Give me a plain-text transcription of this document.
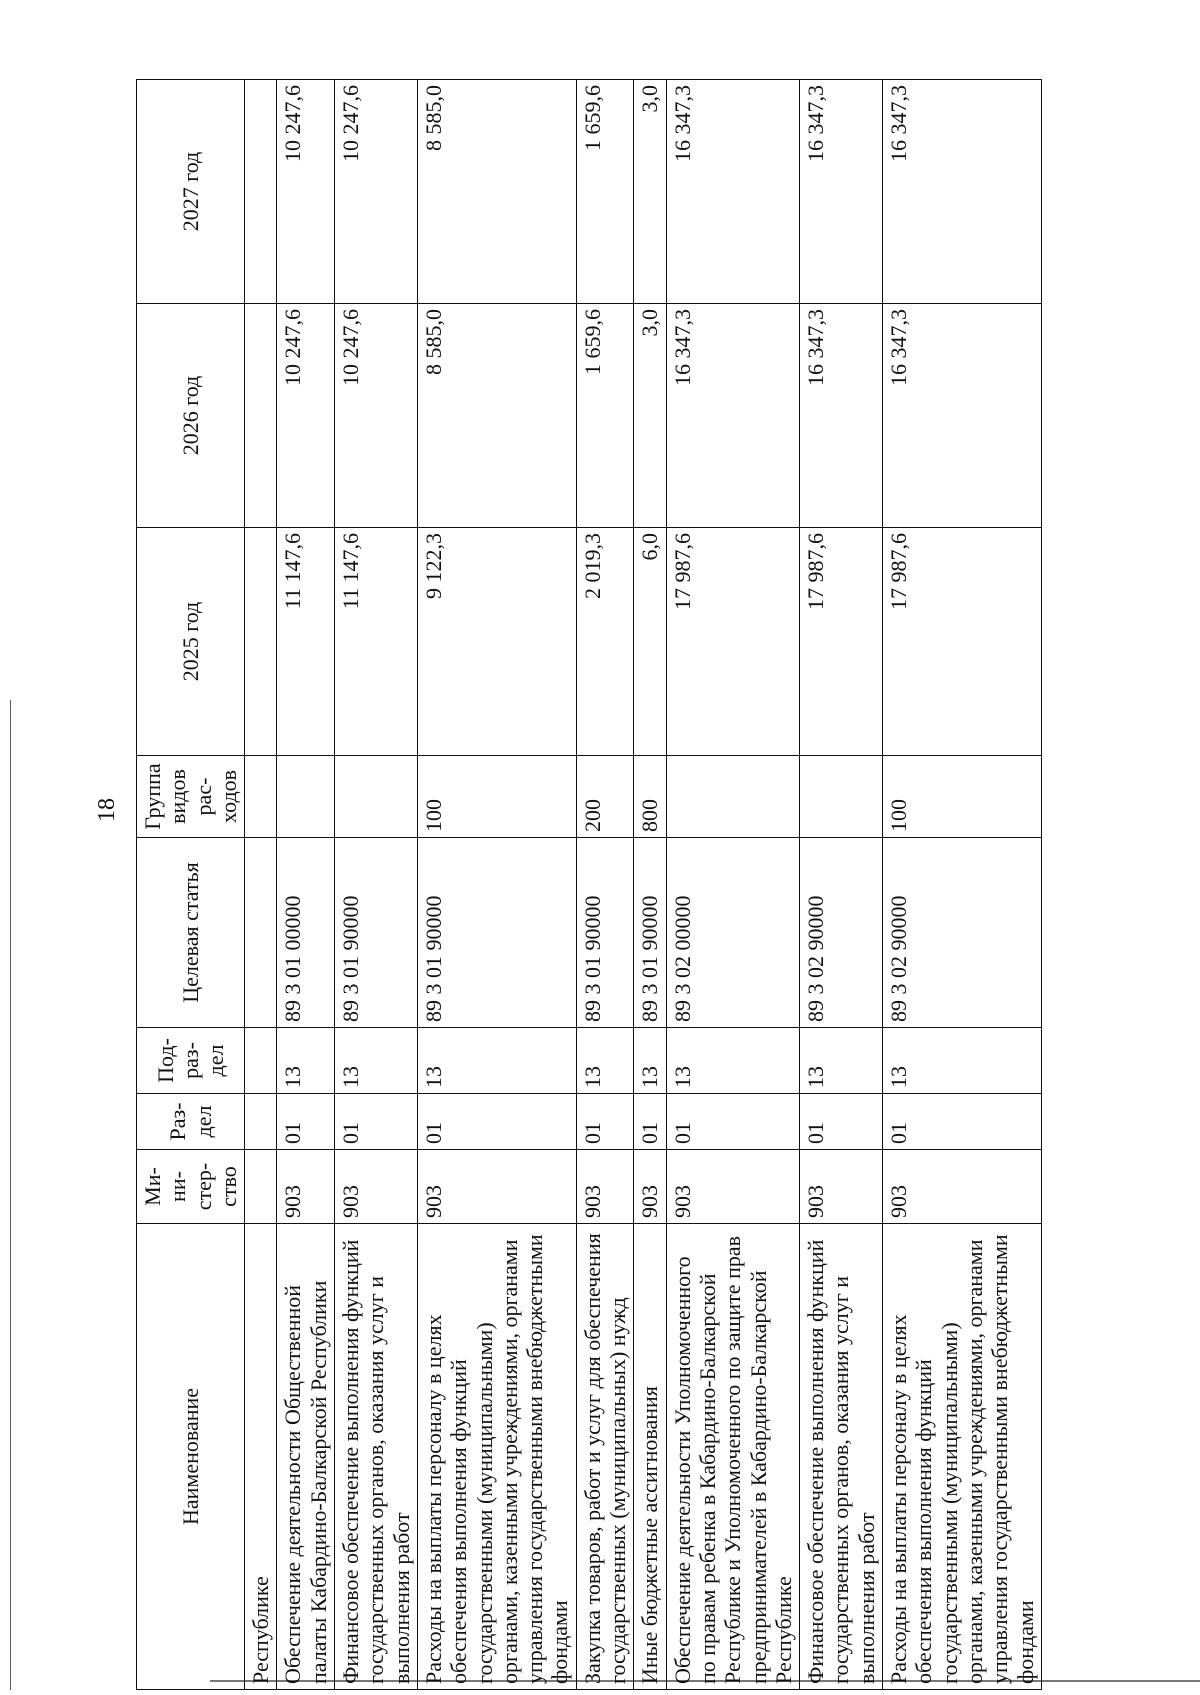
18
Наименование	Ми-ни-стер-ство	Раз-дел	Под-раз-дел	Целевая статья	Группа видов рас-ходов	2025 год	2026 год	2027 год
Республике								
Обеспечение деятельности Общественной палаты Кабардино-Балкарской Республики	903	01	13	89 3 01 00000		11 147,6	10 247,6	10 247,6
Финансовое обеспечение выполнения функций государственных органов, оказания услуг и выполнения работ	903	01	13	89 3 01 90000		11 147,6	10 247,6	10 247,6
Расходы на выплаты персоналу в целях обеспечения выполнения функций государственными (муниципальными) органами, казенными учреждениями, органами управления государственными внебюджетными фондами	903	01	13	89 3 01 90000	100	9 122,3	8 585,0	8 585,0
Закупка товаров, работ и услуг для обеспечения государственных (муниципальных) нужд	903	01	13	89 3 01 90000	200	2 019,3	1 659,6	1 659,6
Иные бюджетные ассигнования	903	01	13	89 3 01 90000	800	6,0	3,0	3,0
Обеспечение деятельности Уполномоченного по правам ребенка в Кабардино-Балкарской Республике и Уполномоченного по защите прав предпринимателей в Кабардино-Балкарской Республике	903	01	13	89 3 02 00000		17 987,6	16 347,3	16 347,3
Финансовое обеспечение выполнения функций государственных органов, оказания услуг и выполнения работ	903	01	13	89 3 02 90000		17 987,6	16 347,3	16 347,3
Расходы на выплаты персоналу в целях обеспечения выполнения функций государственными (муниципальными) органами, казенными учреждениями, органами управления государственными внебюджетными фондами	903	01	13	89 3 02 90000	100	17 987,6	16 347,3	16 347,3
